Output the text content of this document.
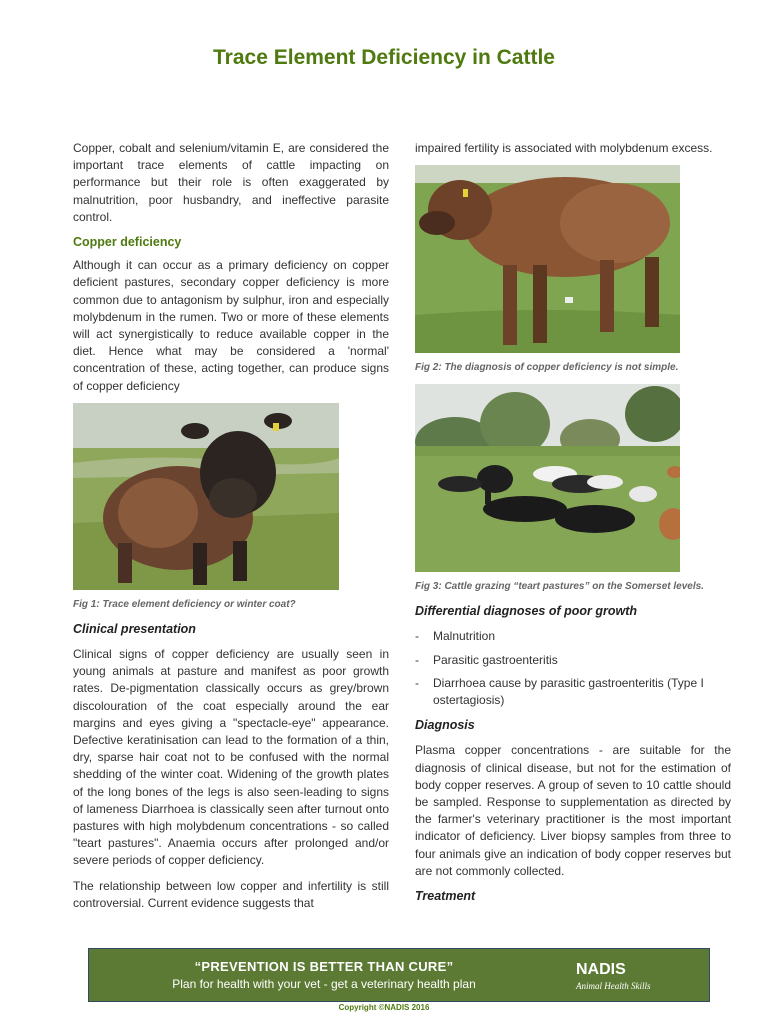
Trace Element Deficiency in Cattle

Copper, cobalt and selenium/vitamin E, are considered the important trace elements of cattle impacting on performance but their role is often exaggerated by malnutrition, poor husbandry, and ineffective parasite control.

Copper deficiency

Although it can occur as a primary deficiency on copper deficient pastures, secondary copper deficiency is more common due to antagonism by sulphur, iron and especially molybdenum in the rumen. Two or more of these elements will act synergistically to reduce available copper in the diet. Hence what may be considered a 'normal' concentration of these, acting together, can produce signs of copper deficiency

Fig 1: Trace element deficiency or winter coat?
Clinical presentation

Clinical signs of copper deficiency are usually seen in young animals at pasture and manifest as poor growth rates. De-pigmentation classically occurs as grey/brown discolouration of the coat especially around the ear margins and eyes giving a "spectacle-eye" appearance. Defective keratinisation can lead to the formation of a thin, dry, sparse hair coat not to be confused with the normal shedding of the winter coat. Widening of the growth plates of the long bones of the legs is also seen-leading to signs of lameness Diarrhoea is classically seen after turnout onto pastures with high molybdenum concentrations - so called "teart pastures". Anaemia occurs after prolonged and/or severe periods of copper deficiency.

The relationship between low copper and infertility is still controversial. Current evidence suggests that

impaired fertility is associated with molybdenum excess.

Fig 2: The diagnosis of copper deficiency is not simple.
Fig 3: Cattle grazing “teart pastures” on the Somerset levels.
Differential diagnoses of poor growth
- Malnutrition
- Parasitic gastroenteritis
- Diarrhoea cause by parasitic gastroenteritis (Type I ostertagiosis)
Diagnosis

Plasma copper concentrations - are suitable for the diagnosis of clinical disease, but not for the estimation of body copper reserves. A group of seven to 10 cattle should be sampled. Response to supplementation as directed by the farmer's veterinary practitioner is the most important indicator of deficiency. Liver biopsy samples from three to four animals give an indication of body copper reserves but are not commonly collected.

Treatment
“PREVENTION IS BETTER THAN CURE”
Plan for health with your vet - get a veterinary health plan
NADIS
Animal Health Skills
Copyright ©NADIS 2016
